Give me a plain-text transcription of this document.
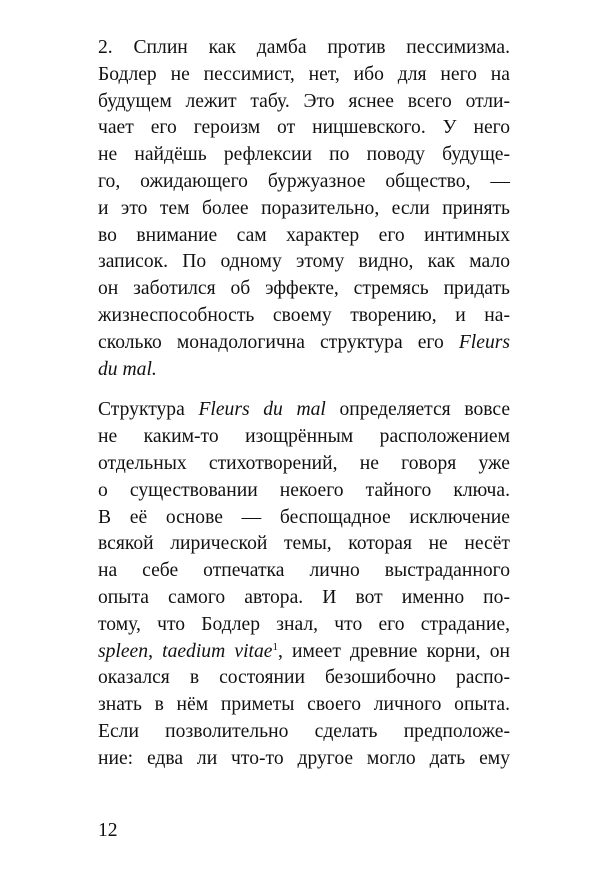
2. Сплин как дамба против пессимизма.
Бодлер не пессимист, нет, ибо для него на
будущем лежит табу. Это яснее всего отли-
чает его героизм от ницшевского. У него
не найдёшь рефлексии по поводу будуще-
го, ожидающего буржуазное общество, —
и это тем более поразительно, если принять
во внимание сам характер его интимных
записок. По одному этому видно, как мало
он заботился об эффекте, стремясь придать
жизнеспособность своему творению, и на-
сколько монадологична структура его Fleurs
du mal.
Структура Fleurs du mal определяется вовсе
не каким-то изощрённым расположением
отдельных стихотворений, не говоря уже
о существовании некоего тайного ключа.
В её основе — беспощадное исключение
всякой лирической темы, которая не несёт
на себе отпечатка лично выстраданного
опыта самого автора. И вот именно по-
тому, что Бодлер знал, что его страдание,
spleen, taedium vitae$^1$, имеет древние корни, он
оказался в состоянии безошибочно распо-
знать в нём приметы своего личного опыта.
Если позволительно сделать предположе-
ние: едва ли что-то другое могло дать ему
12
